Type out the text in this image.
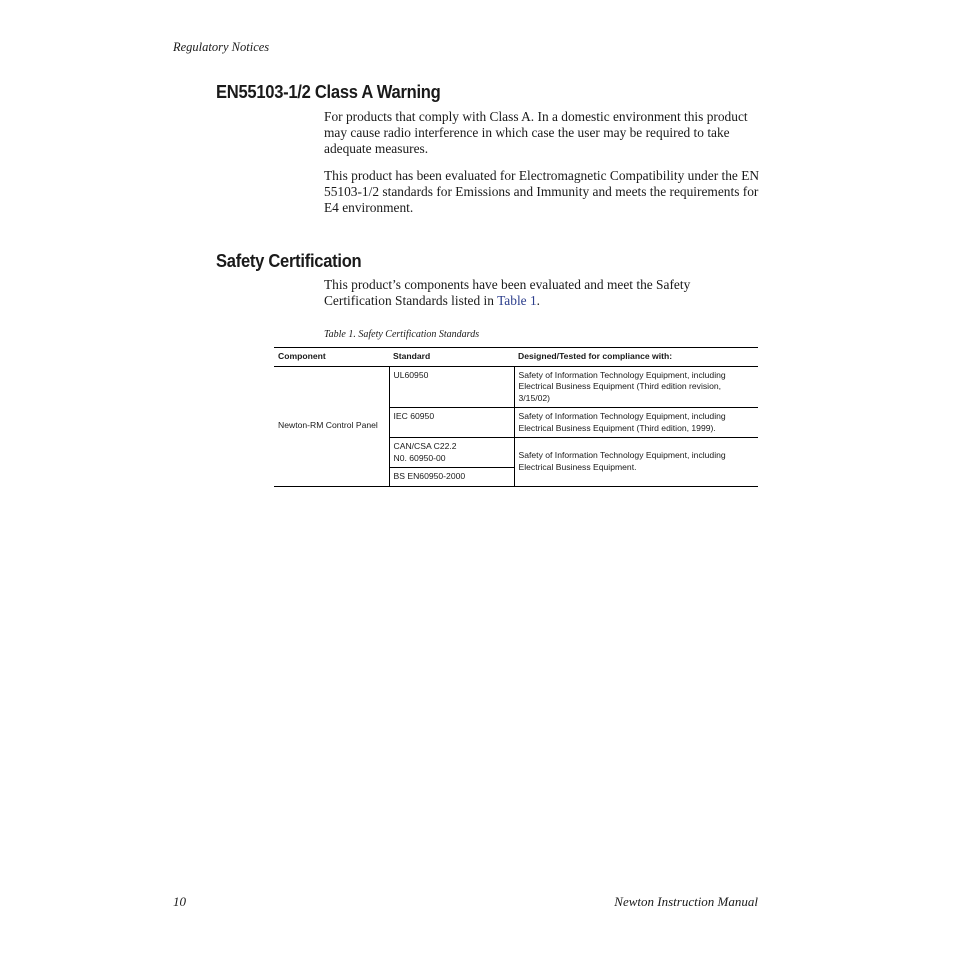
Regulatory Notices
EN55103-1/2 Class A Warning

For products that comply with Class A. In a domestic environment this product may cause radio interference in which case the user may be required to take adequate measures.

This product has been evaluated for Electromagnetic Compatibility under the EN 55103-1/2 standards for Emissions and Immunity and meets the requirements for E4 environment.

Safety Certification

This product’s components have been evaluated and meet the Safety Certification Standards listed in Table 1.

Table 1. Safety Certification Standards
Component	Standard	Designed/Tested for compliance with:
Newton-RM Control Panel	UL60950	Safety of Information Technology Equipment, including Electrical Business Equipment (Third edition revision, 3/15/02)
	IEC 60950	Safety of Information Technology Equipment, including Electrical Business Equipment (Third edition, 1999).
	CAN/CSA C22.2
N0. 60950-00	Safety of Information Technology Equipment, including Electrical Business Equipment.
	BS EN60950-2000	
10	Newton Instruction Manual
